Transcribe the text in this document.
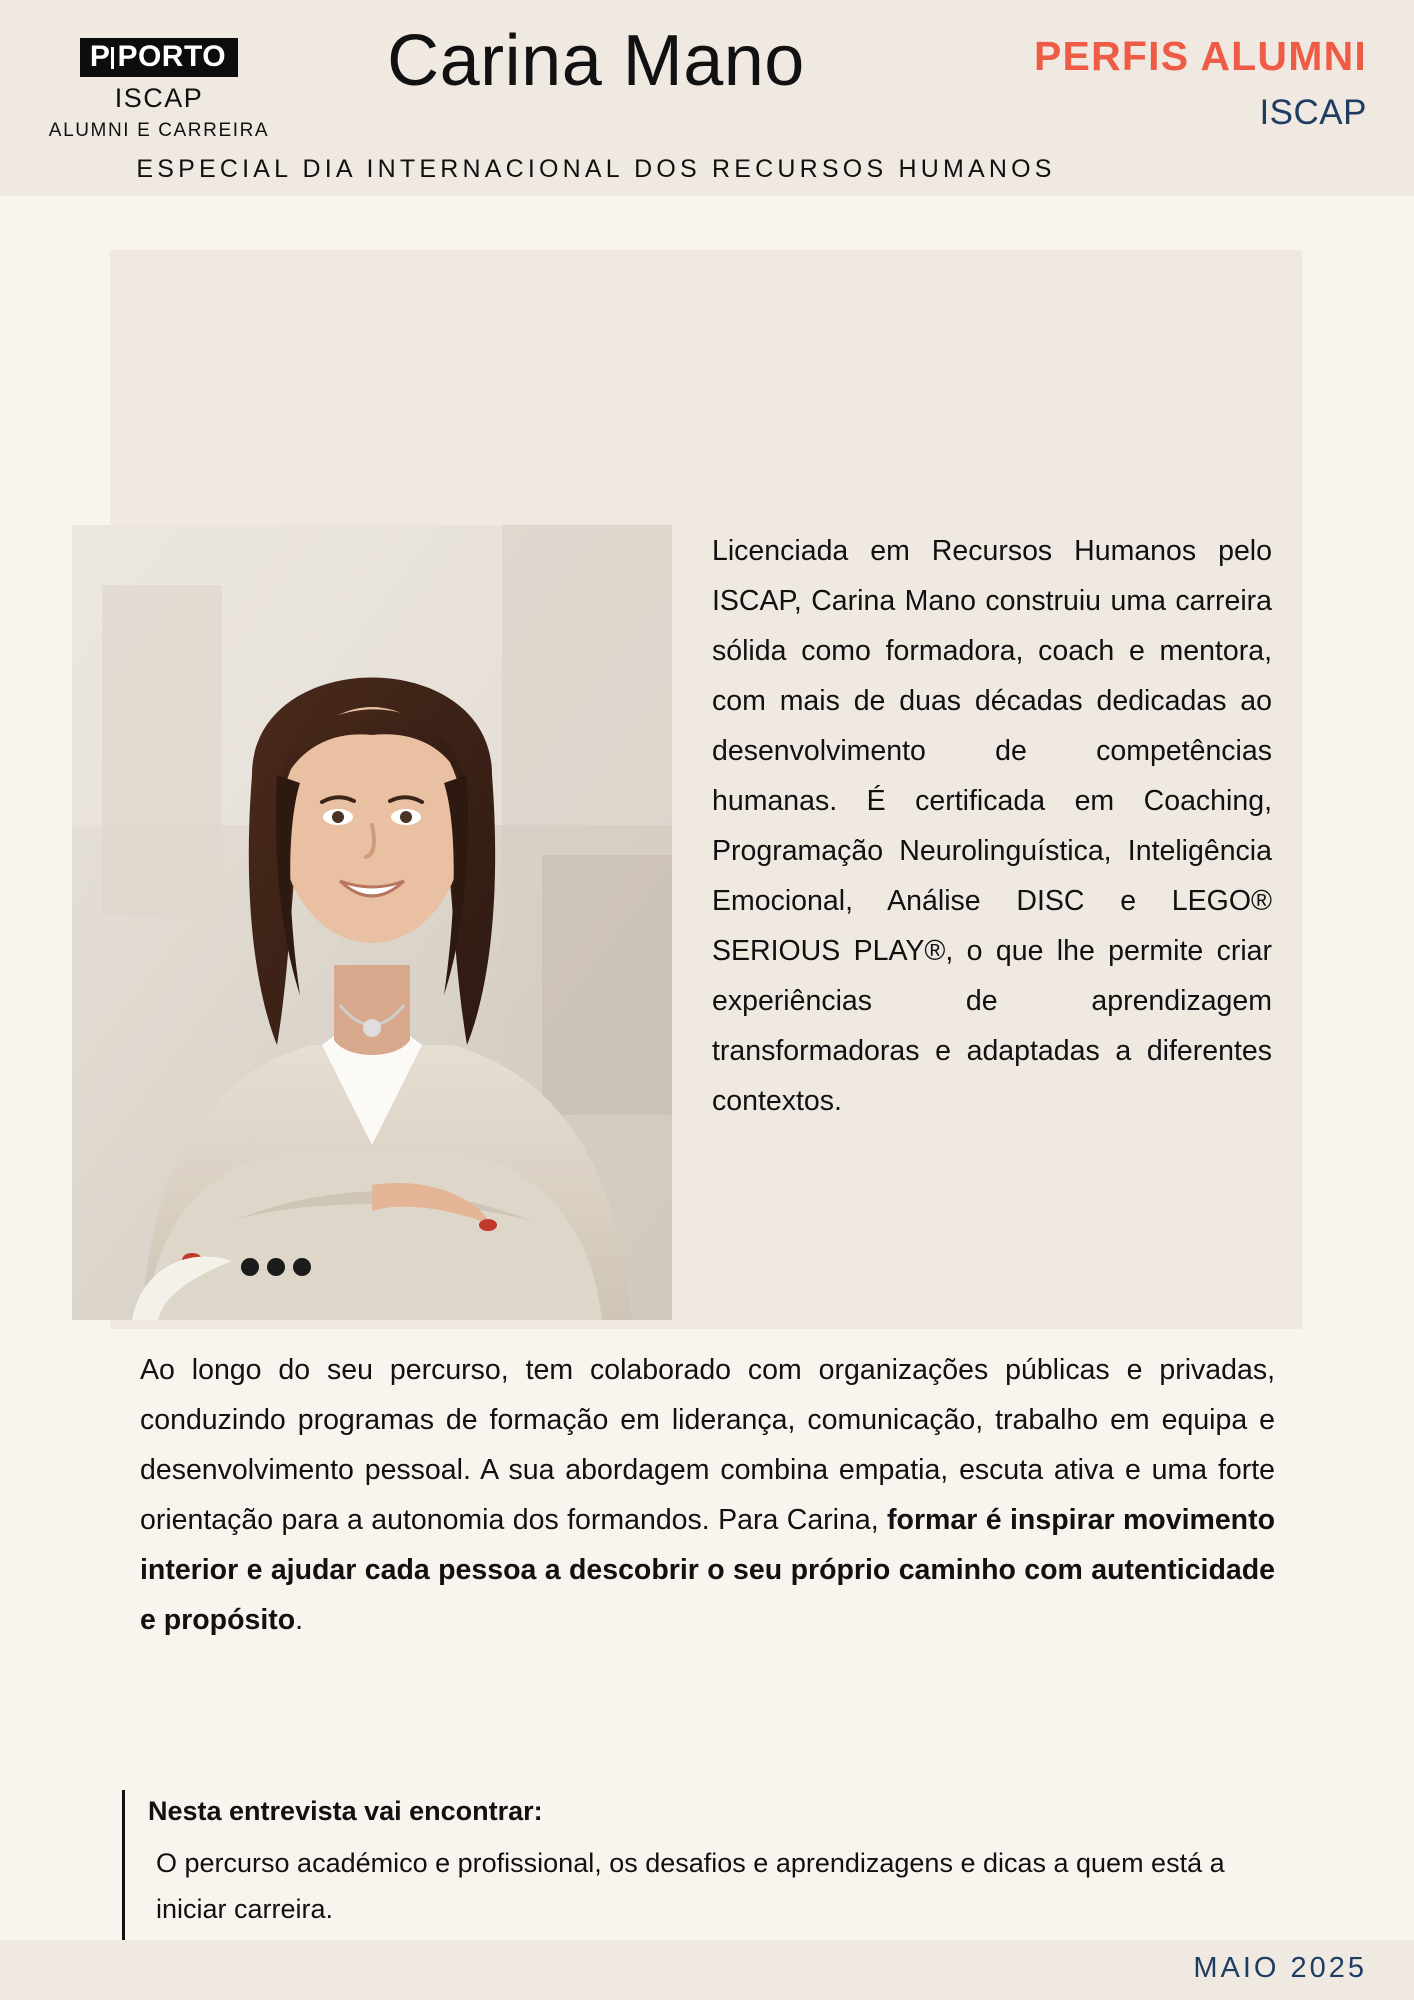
P PORTO
ISCAP
ALUMNI E CARREIRA
PERFIS ALUMNI
ISCAP
Carina Mano
ESPECIAL DIA INTERNACIONAL DOS RECURSOS HUMANOS
Licenciada em Recursos Humanos pelo ISCAP, Carina Mano construiu uma carreira sólida como formadora, coach e mentora, com mais de duas décadas dedicadas ao desenvolvimento de competências humanas. É certificada em Coaching, Programação Neurolinguística, Inteligência Emocional, Análise DISC e LEGO® SERIOUS PLAY®, o que lhe permite criar experiências de aprendizagem transformadoras e adaptadas a diferentes contextos.
Ao longo do seu percurso, tem colaborado com organizações públicas e privadas, conduzindo programas de formação em liderança, comunicação, trabalho em equipa e desenvolvimento pessoal. A sua abordagem combina empatia, escuta ativa e uma forte orientação para a autonomia dos formandos. Para Carina, formar é inspirar movimento interior e ajudar cada pessoa a descobrir o seu próprio caminho com autenticidade e propósito.
Nesta entrevista vai encontrar:
O percurso académico e profissional, os desafios e aprendizagens e dicas a quem está a iniciar carreira.
MAIO 2025
